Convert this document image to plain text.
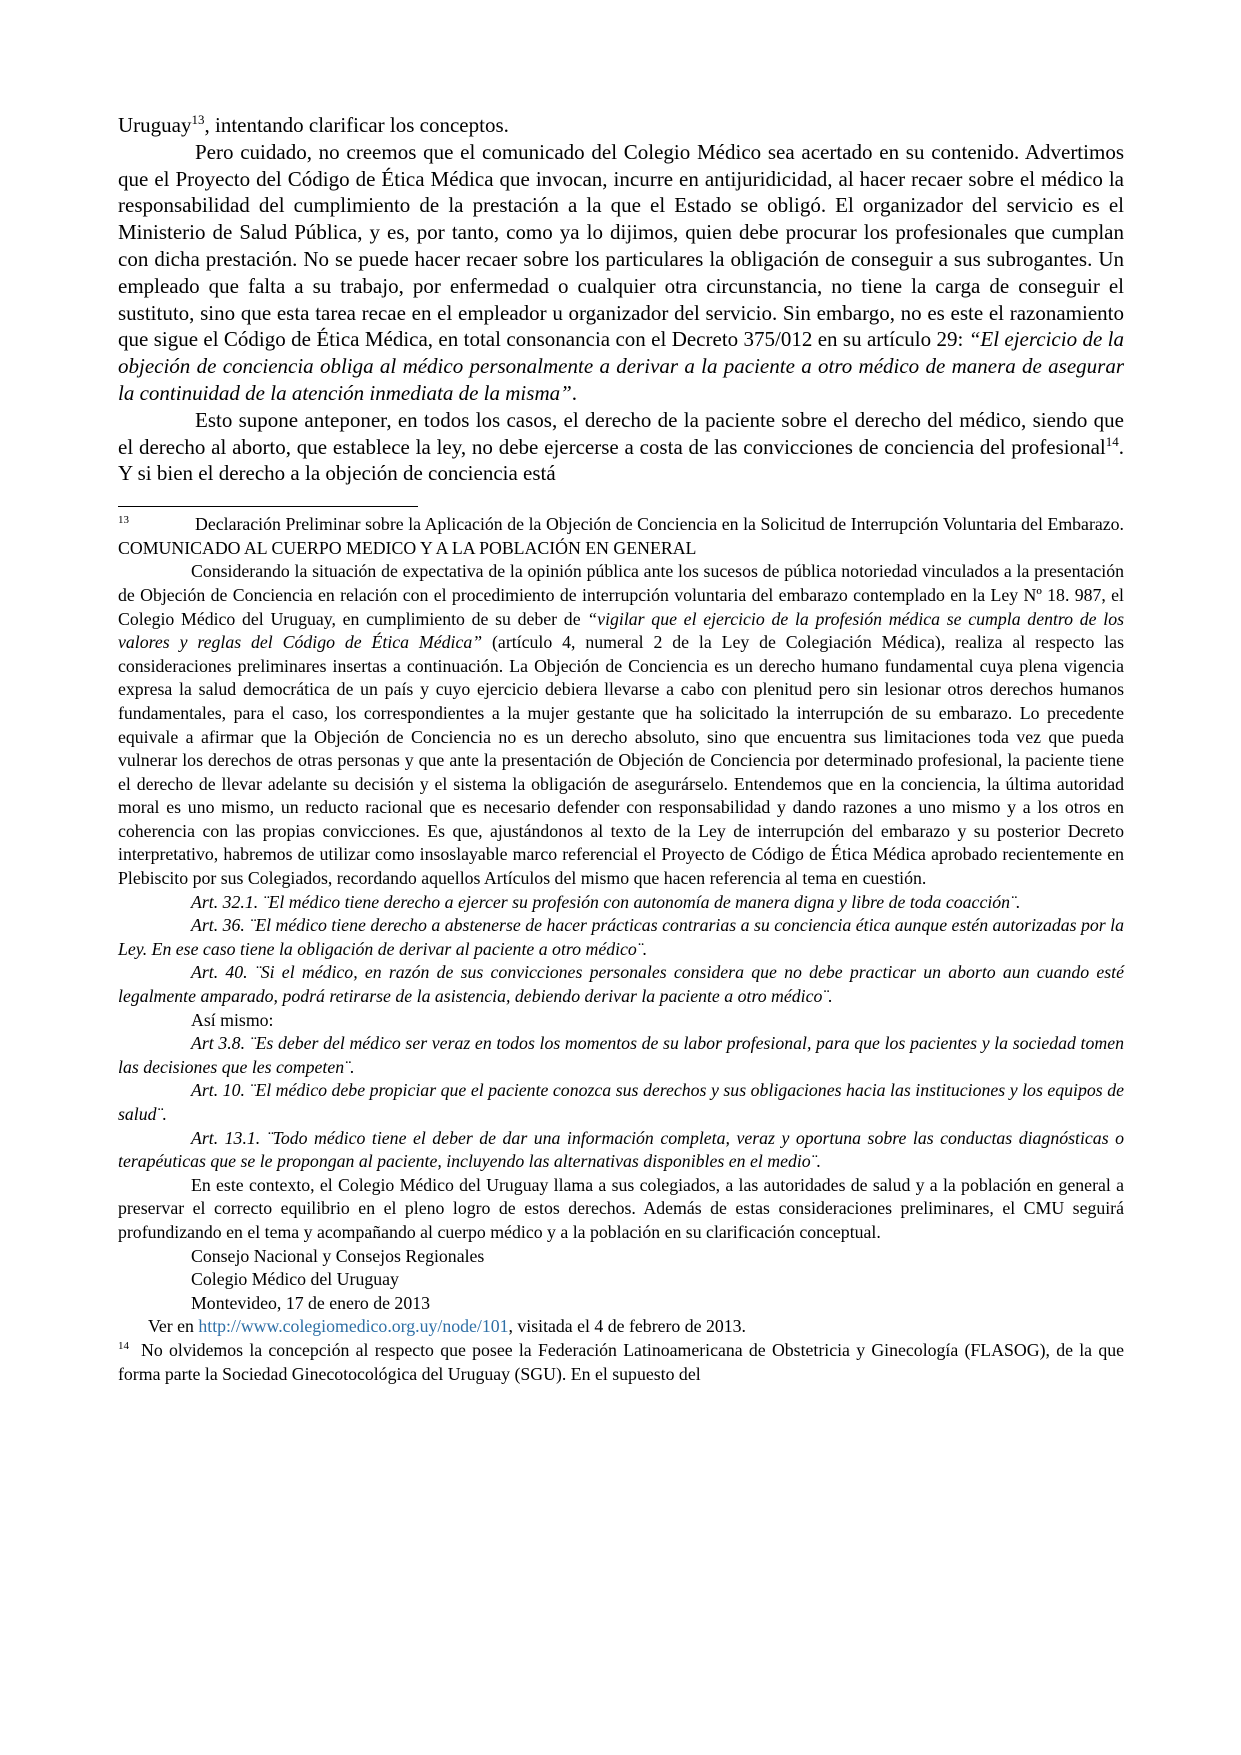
Uruguay$^{13}$, intentando clarificar los conceptos.

Pero cuidado, no creemos que el comunicado del Colegio Médico sea acertado en su contenido. Advertimos que el Proyecto del Código de Ética Médica que invocan, incurre en antijuridicidad, al hacer recaer sobre el médico la responsabilidad del cumplimiento de la prestación a la que el Estado se obligó. El organizador del servicio es el Ministerio de Salud Pública, y es, por tanto, como ya lo dijimos, quien debe procurar los profesionales que cumplan con dicha prestación. No se puede hacer recaer sobre los particulares la obligación de conseguir a sus subrogantes. Un empleado que falta a su trabajo, por enfermedad o cualquier otra circunstancia, no tiene la carga de conseguir el sustituto, sino que esta tarea recae en el empleador u organizador del servicio. Sin embargo, no es este el razonamiento que sigue el Código de Ética Médica, en total consonancia con el Decreto 375/012 en su artículo 29: “El ejercicio de la objeción de conciencia obliga al médico personalmente a derivar a la paciente a otro médico de manera de asegurar la continuidad de la atención inmediata de la misma”.

Esto supone anteponer, en todos los casos, el derecho de la paciente sobre el derecho del médico, siendo que el derecho al aborto, que establece la ley, no debe ejercerse a costa de las convicciones de conciencia del profesional$^{14}$. Y si bien el derecho a la objeción de conciencia está

$^{13}$	Declaración Preliminar sobre la Aplicación de la Objeción de Conciencia en la Solicitud de Interrupción Voluntaria del Embarazo. COMUNICADO AL CUERPO MEDICO Y A LA POBLACIÓN EN GENERAL

Considerando la situación de expectativa de la opinión pública ante los sucesos de pública notoriedad vinculados a la presentación de Objeción de Conciencia en relación con el procedimiento de interrupción voluntaria del embarazo contemplado en la Ley Nº 18. 987, el Colegio Médico del Uruguay, en cumplimiento de su deber de “vigilar que el ejercicio de la profesión médica se cumpla dentro de los valores y reglas del Código de Ética Médica” (artículo 4, numeral 2 de la Ley de Colegiación Médica), realiza al respecto las consideraciones preliminares insertas a continuación. La Objeción de Conciencia es un derecho humano fundamental cuya plena vigencia expresa la salud democrática de un país y cuyo ejercicio debiera llevarse a cabo con plenitud pero sin lesionar otros derechos humanos fundamentales, para el caso, los correspondientes a la mujer gestante que ha solicitado la interrupción de su embarazo. Lo precedente equivale a afirmar que la Objeción de Conciencia no es un derecho absoluto, sino que encuentra sus limitaciones toda vez que pueda vulnerar los derechos de otras personas y que ante la presentación de Objeción de Conciencia por determinado profesional, la paciente tiene el derecho de llevar adelante su decisión y el sistema la obligación de asegurárselo. Entendemos que en la conciencia, la última autoridad moral es uno mismo, un reducto racional que es necesario defender con responsabilidad y dando razones a uno mismo y a los otros en coherencia con las propias convicciones. Es que, ajustándonos al texto de la Ley de interrupción del embarazo y su posterior Decreto interpretativo, habremos de utilizar como insoslayable marco referencial el Proyecto de Código de Ética Médica aprobado recientemente en Plebiscito por sus Colegiados, recordando aquellos Artículos del mismo que hacen referencia al tema en cuestión.

Art. 32.1. ¨El médico tiene derecho a ejercer su profesión con autonomía de manera digna y libre de toda coacción¨.

Art. 36. ¨El médico tiene derecho a abstenerse de hacer prácticas contrarias a su conciencia ética aunque estén autorizadas por la Ley. En ese caso tiene la obligación de derivar al paciente a otro médico¨.

Art. 40. ¨Si el médico, en razón de sus convicciones personales considera que no debe practicar un aborto aun cuando esté legalmente amparado, podrá retirarse de la asistencia, debiendo derivar la paciente a otro médico¨.

Así mismo:

Art 3.8. ¨Es deber del médico ser veraz en todos los momentos de su labor profesional, para que los pacientes y la sociedad tomen las decisiones que les competen¨.

Art. 10. ¨El médico debe propiciar que el paciente conozca sus derechos y sus obligaciones hacia las instituciones y los equipos de salud¨.

Art. 13.1. ¨Todo médico tiene el deber de dar una información completa, veraz y oportuna sobre las conductas diagnósticas o terapéuticas que se le propongan al paciente, incluyendo las alternativas disponibles en el medio¨.

En este contexto, el Colegio Médico del Uruguay llama a sus colegiados, a las autoridades de salud y a la población en general a preservar el correcto equilibrio en el pleno logro de estos derechos. Además de estas consideraciones preliminares, el CMU seguirá profundizando en el tema y acompañando al cuerpo médico y a la población en su clarificación conceptual.

Consejo Nacional y Consejos Regionales

Colegio Médico del Uruguay

Montevideo, 17 de enero de 2013

Ver en http://www.colegiomedico.org.uy/node/101, visitada el 4 de febrero de 2013.

$^{14}$ No olvidemos la concepción al respecto que posee la Federación Latinoamericana de Obstetricia y Ginecología (FLASOG), de la que forma parte la Sociedad Ginecotocológica del Uruguay (SGU). En el supuesto del
